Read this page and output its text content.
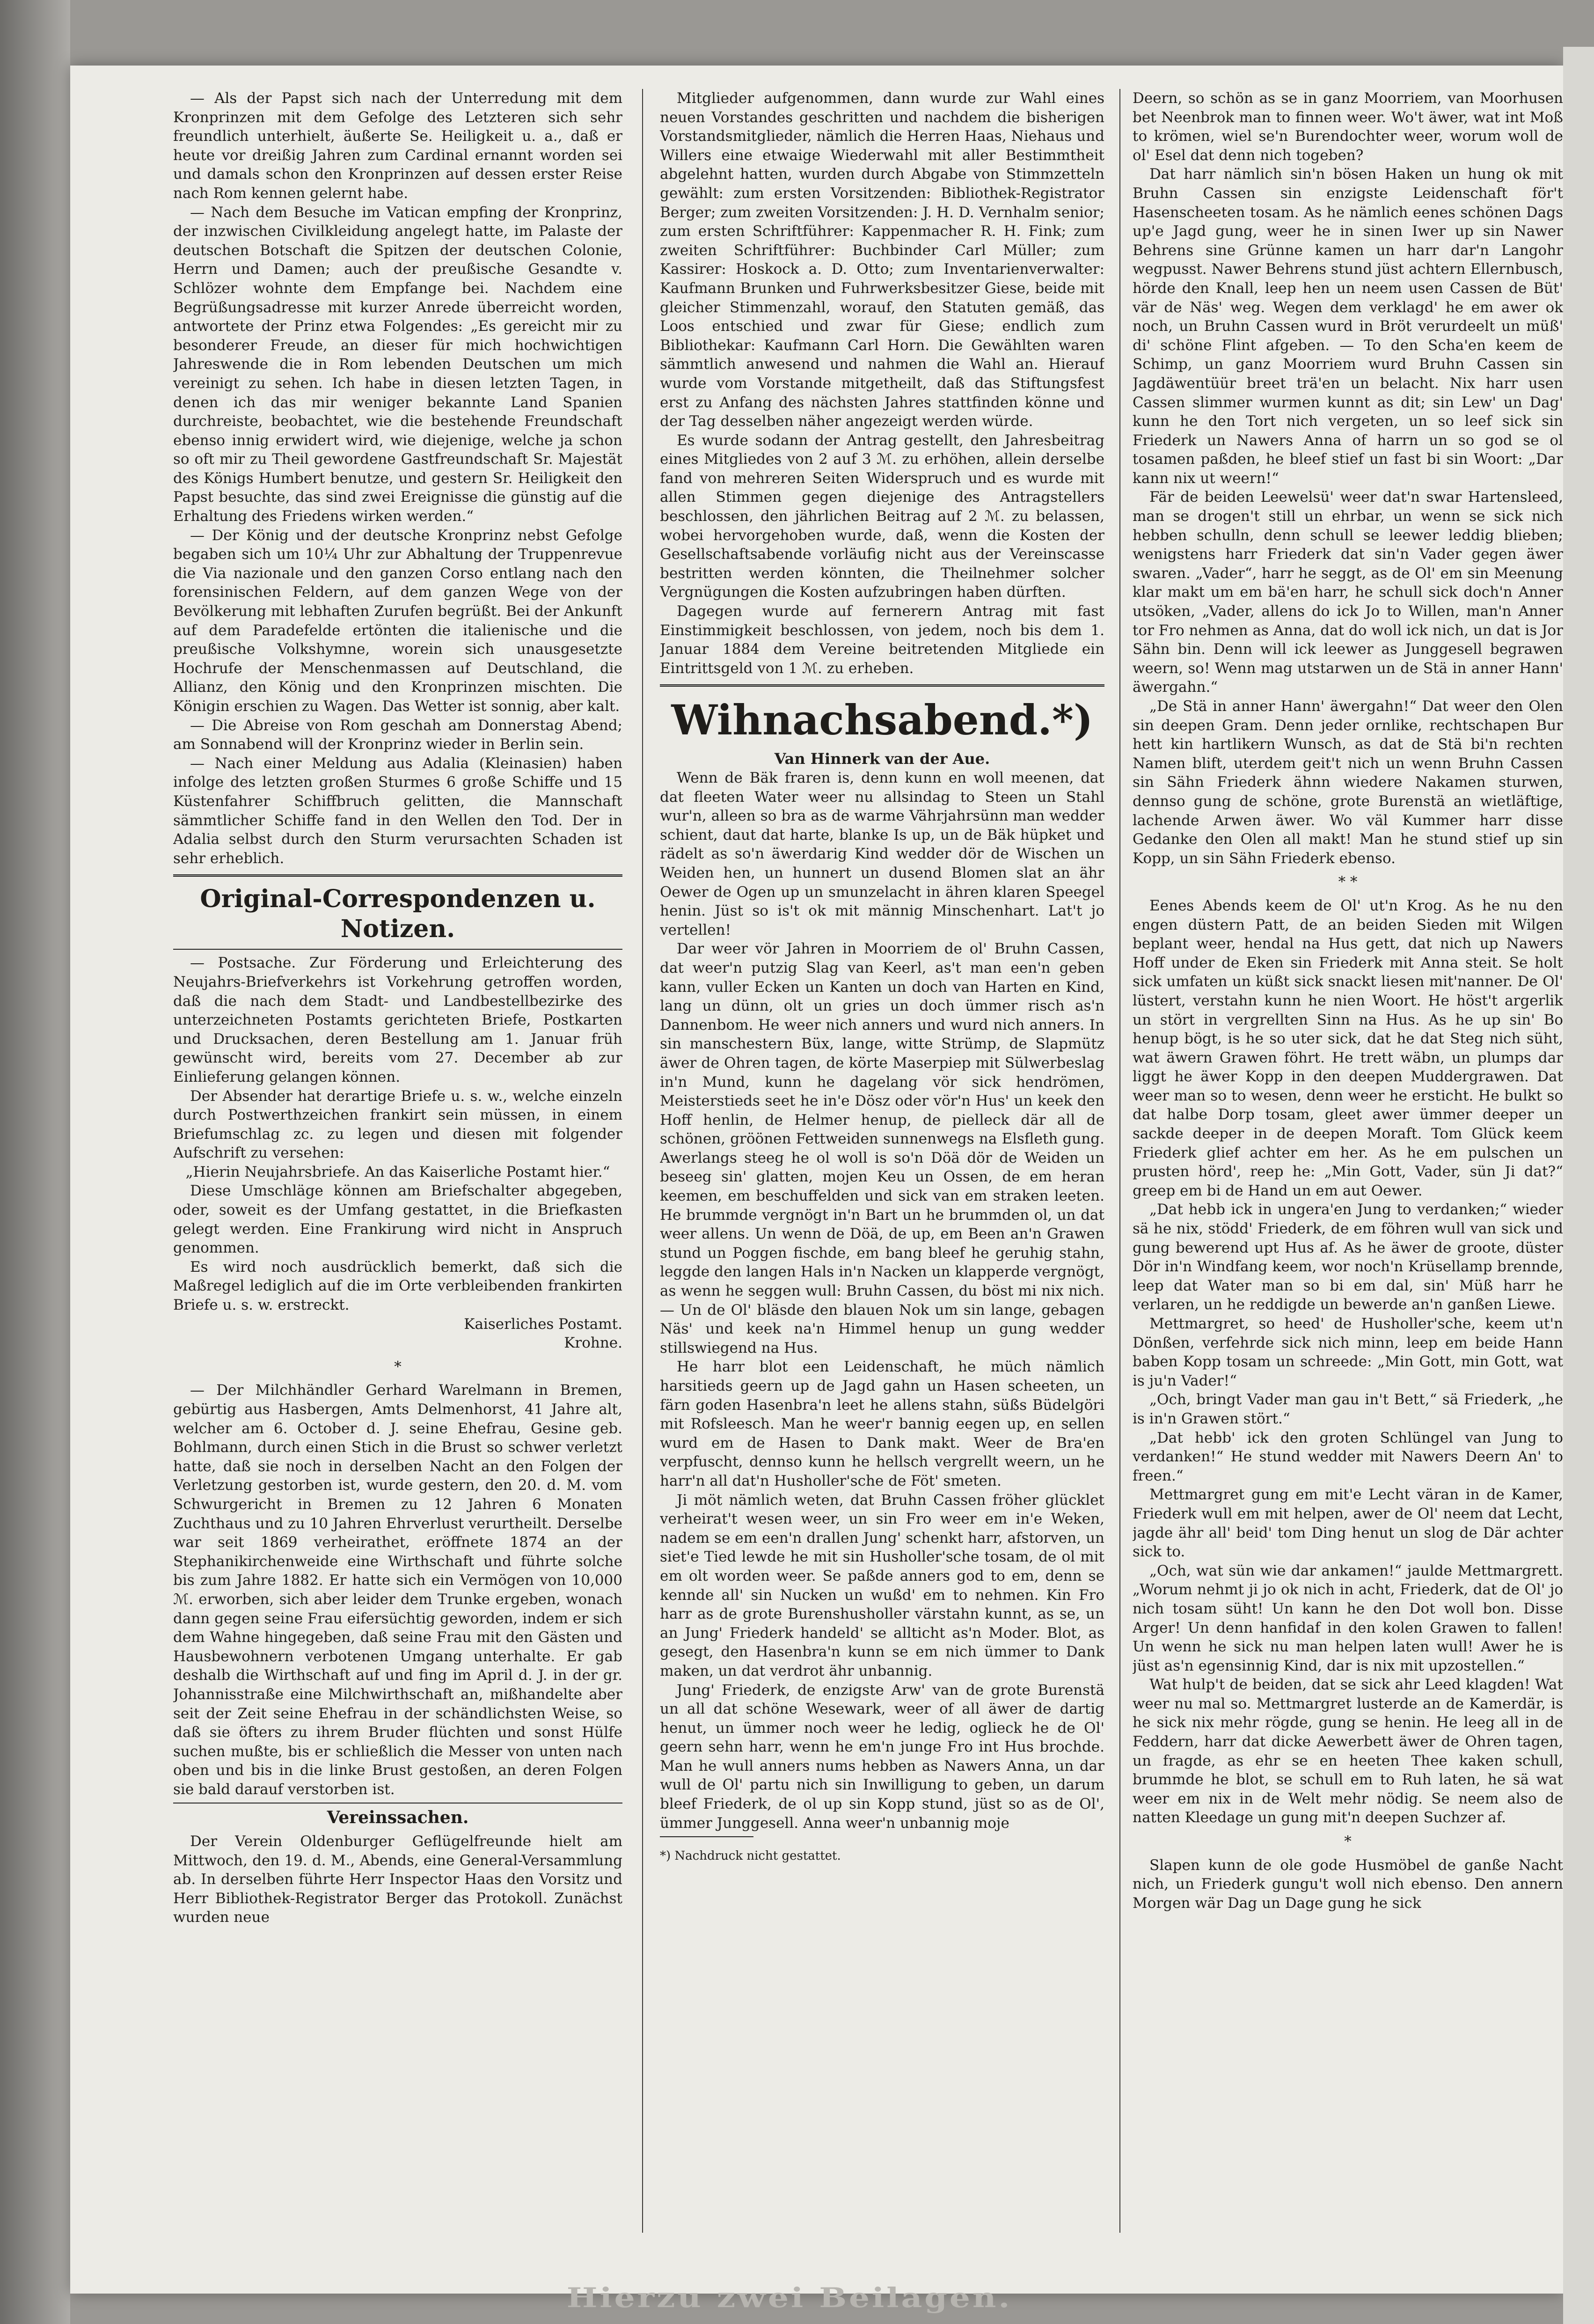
— Als der Papst sich nach der Unterredung mit dem Kronprinzen mit dem Gefolge des Letzteren sich sehr freundlich unterhielt, äußerte Se. Heiligkeit u. a., daß er heute vor dreißig Jahren zum Cardinal ernannt worden sei und damals schon den Kronprinzen auf dessen erster Reise nach Rom kennen gelernt habe.

— Nach dem Besuche im Vatican empfing der Kronprinz, der inzwischen Civilkleidung angelegt hatte, im Palaste der deutschen Botschaft die Spitzen der deutschen Colonie, Herrn und Damen; auch der preußische Gesandte v. Schlözer wohnte dem Empfange bei. Nachdem eine Begrüßungsadresse mit kurzer Anrede überreicht worden, antwortete der Prinz etwa Folgendes: „Es gereicht mir zu besonderer Freude, an dieser für mich hochwichtigen Jahreswende die in Rom lebenden Deutschen um mich vereinigt zu sehen. Ich habe in diesen letzten Tagen, in denen ich das mir weniger bekannte Land Spanien durchreiste, beobachtet, wie die bestehende Freundschaft ebenso innig erwidert wird, wie diejenige, welche ja schon so oft mir zu Theil gewordene Gastfreundschaft Sr. Majestät des Königs Humbert benutze, und gestern Sr. Heiligkeit den Papst besuchte, das sind zwei Ereignisse die günstig auf die Erhaltung des Friedens wirken werden.“

— Der König und der deutsche Kronprinz nebst Gefolge begaben sich um 10¼ Uhr zur Abhaltung der Truppenrevue die Via nazionale und den ganzen Corso entlang nach den forensinischen Feldern, auf dem ganzen Wege von der Bevölkerung mit lebhaften Zurufen begrüßt. Bei der Ankunft auf dem Paradefelde ertönten die italienische und die preußische Volkshymne, worein sich unausgesetzte Hochrufe der Menschenmassen auf Deutschland, die Allianz, den König und den Kronprinzen mischten. Die Königin erschien zu Wagen. Das Wetter ist sonnig, aber kalt.

— Die Abreise von Rom geschah am Donnerstag Abend; am Sonnabend will der Kronprinz wieder in Berlin sein.

— Nach einer Meldung aus Adalia (Kleinasien) haben infolge des letzten großen Sturmes 6 große Schiffe und 15 Küstenfahrer Schiffbruch gelitten, die Mannschaft sämmtlicher Schiffe fand in den Wellen den Tod. Der in Adalia selbst durch den Sturm verursachten Schaden ist sehr erheblich.

Original-Correspondenzen u. Notizen.

— Postsache. Zur Förderung und Erleichterung des Neujahrs-Briefverkehrs ist Vorkehrung getroffen worden, daß die nach dem Stadt- und Landbestellbezirke des unterzeichneten Postamts gerichteten Briefe, Postkarten und Drucksachen, deren Bestellung am 1. Januar früh gewünscht wird, bereits vom 27. December ab zur Einlieferung gelangen können.

Der Absender hat derartige Briefe u. s. w., welche einzeln durch Postwerthzeichen frankirt sein müssen, in einem Briefumschlag zc. zu legen und diesen mit folgender Aufschrift zu versehen:

„Hierin Neujahrsbriefe. An das Kaiserliche Postamt hier.“

Diese Umschläge können am Briefschalter abgegeben, oder, soweit es der Umfang gestattet, in die Briefkasten gelegt werden. Eine Frankirung wird nicht in Anspruch genommen.

Es wird noch ausdrücklich bemerkt, daß sich die Maßregel lediglich auf die im Orte verbleibenden frankirten Briefe u. s. w. erstreckt.

Kaiserliches Postamt.

Krohne.

*

— Der Milchhändler Gerhard Warelmann in Bremen, gebürtig aus Hasbergen, Amts Delmenhorst, 41 Jahre alt, welcher am 6. October d. J. seine Ehefrau, Gesine geb. Bohlmann, durch einen Stich in die Brust so schwer verletzt hatte, daß sie noch in derselben Nacht an den Folgen der Verletzung gestorben ist, wurde gestern, den 20. d. M. vom Schwurgericht in Bremen zu 12 Jahren 6 Monaten Zuchthaus und zu 10 Jahren Ehrverlust verurtheilt. Derselbe war seit 1869 verheirathet, eröffnete 1874 an der Stephanikirchenweide eine Wirthschaft und führte solche bis zum Jahre 1882. Er hatte sich ein Vermögen von 10,000 ℳ. erworben, sich aber leider dem Trunke ergeben, wonach dann gegen seine Frau eifersüchtig geworden, indem er sich dem Wahne hingegeben, daß seine Frau mit den Gästen und Hausbewohnern verbotenen Umgang unterhalte. Er gab deshalb die Wirthschaft auf und fing im April d. J. in der gr. Johannisstraße eine Milchwirthschaft an, mißhandelte aber seit der Zeit seine Ehefrau in der schändlichsten Weise, so daß sie öfters zu ihrem Bruder flüchten und sonst Hülfe suchen mußte, bis er schließlich die Messer von unten nach oben und bis in die linke Brust gestoßen, an deren Folgen sie bald darauf verstorben ist.

Vereinssachen.

Der Verein Oldenburger Geflügelfreunde hielt am Mittwoch, den 19. d. M., Abends, eine General-Versammlung ab. In derselben führte Herr Inspector Haas den Vorsitz und Herr Bibliothek-Registrator Berger das Protokoll. Zunächst wurden neue

Mitglieder aufgenommen, dann wurde zur Wahl eines neuen Vorstandes geschritten und nachdem die bisherigen Vorstandsmitglieder, nämlich die Herren Haas, Niehaus und Willers eine etwaige Wiederwahl mit aller Bestimmtheit abgelehnt hatten, wurden durch Abgabe von Stimmzetteln gewählt: zum ersten Vorsitzenden: Bibliothek-Registrator Berger; zum zweiten Vorsitzenden: J. H. D. Vernhalm senior; zum ersten Schriftführer: Kappenmacher R. H. Fink; zum zweiten Schriftführer: Buchbinder Carl Müller; zum Kassirer: Hoskock a. D. Otto; zum Inventarienverwalter: Kaufmann Brunken und Fuhrwerksbesitzer Giese, beide mit gleicher Stimmenzahl, worauf, den Statuten gemäß, das Loos entschied und zwar für Giese; endlich zum Bibliothekar: Kaufmann Carl Horn. Die Gewählten waren sämmtlich anwesend und nahmen die Wahl an. Hierauf wurde vom Vorstande mitgetheilt, daß das Stiftungsfest erst zu Anfang des nächsten Jahres stattfinden könne und der Tag desselben näher angezeigt werden würde.

Es wurde sodann der Antrag gestellt, den Jahresbeitrag eines Mitgliedes von 2 auf 3 ℳ. zu erhöhen, allein derselbe fand von mehreren Seiten Widerspruch und es wurde mit allen Stimmen gegen diejenige des Antragstellers beschlossen, den jährlichen Beitrag auf 2 ℳ. zu belassen, wobei hervorgehoben wurde, daß, wenn die Kosten der Gesellschaftsabende vorläufig nicht aus der Vereinscasse bestritten werden könnten, die Theilnehmer solcher Vergnügungen die Kosten aufzubringen haben dürften.

Dagegen wurde auf fernerern Antrag mit fast Einstimmigkeit beschlossen, von jedem, noch bis dem 1. Januar 1884 dem Vereine beitretenden Mitgliede ein Eintrittsgeld von 1 ℳ. zu erheben.

Wihnachsabend.*)

Van Hinnerk van der Aue.

Wenn de Bäk fraren is, denn kunn en woll meenen, dat dat fleeten Water weer nu allsindag to Steen un Stahl wur'n, alleen so bra as de warme Vährjahrsünn man wedder schient, daut dat harte, blanke Is up, un de Bäk hüpket und rädelt as so'n äwerdarig Kind wedder dör de Wischen un Weiden hen, un hunnert un dusend Blomen slat an ähr Oewer de Ogen up un smunzelacht in ähren klaren Speegel henin. Jüst so is't ok mit männig Minschenhart. Lat't jo vertellen!

Dar weer vör Jahren in Moorriem de ol' Bruhn Cassen, dat weer'n putzig Slag van Keerl, as't man een'n geben kann, vuller Ecken un Kanten un doch van Harten en Kind, lang un dünn, olt un gries un doch ümmer risch as'n Dannenbom. He weer nich anners und wurd nich anners. In sin manschestern Büx, lange, witte Strümp, de Slapmütz äwer de Ohren tagen, de körte Maserpiep mit Sülwerbeslag in'n Mund, kunn he dagelang vör sick hendrömen, Meisterstieds seet he in'e Dösz oder vör'n Hus' un keek den Hoff henlin, de Helmer henup, de pielleck där all de schönen, gröönen Fettweiden sunnenwegs na Elsfleth gung. Awerlangs steeg he ol woll is so'n Döä dör de Weiden un beseeg sin' glatten, mojen Keu un Ossen, de em heran keemen, em beschuffelden und sick van em straken leeten. He brummde vergnögt in'n Bart un he brummden ol, un dat weer allens. Un wenn de Döä, de up, em Been an'n Grawen stund un Poggen fischde, em bang bleef he geruhig stahn, leggde den langen Hals in'n Nacken un klapperde vergnögt, as wenn he seggen wull: Bruhn Cassen, du böst mi nix nich. — Un de Ol' bläsde den blauen Nok um sin lange, gebagen Näs' und keek na'n Himmel henup un gung wedder stillswiegend na Hus.

He harr blot een Leidenschaft, he müch nämlich harsitieds geern up de Jagd gahn un Hasen scheeten, un färn goden Hasenbra'n leet he allens stahn, süßs Büdelgöri mit Rofsleesch. Man he weer'r bannig eegen up, en sellen wurd em de Hasen to Dank makt. Weer de Bra'en verpfuscht, dennso kunn he hellsch vergrellt weern, un he harr'n all dat'n Husholler'sche de Föt' smeten.

Ji möt nämlich weten, dat Bruhn Cassen fröher glücklet verheirat't wesen weer, un sin Fro weer em in'e Weken, nadem se em een'n drallen Jung' schenkt harr, afstorven, un siet'e Tied lewde he mit sin Husholler'sche tosam, de ol mit em olt worden weer. Se paßde anners god to em, denn se kennde all' sin Nucken un wußd' em to nehmen. Kin Fro harr as de grote Burenshusholler värstahn kunnt, as se, un an Jung' Friederk handeld' se allticht as'n Moder. Blot, as gesegt, den Hasenbra'n kunn se em nich ümmer to Dank maken, un dat verdrot ähr unbannig.

Jung' Friederk, de enzigste Arw' van de grote Burenstä un all dat schöne Wesewark, weer of all äwer de dartig henut, un ümmer noch weer he ledig, oglieck he de Ol' geern sehn harr, wenn he em'n junge Fro int Hus brochde. Man he wull anners nums hebben as Nawers Anna, un dar wull de Ol' partu nich sin Inwilligung to geben, un darum bleef Friederk, de ol up sin Kopp stund, jüst so as de Ol', ümmer Junggesell. Anna weer'n unbannig moje

*) Nachdruck nicht gestattet.

Deern, so schön as se in ganz Moorriem, van Moorhusen bet Neenbrok man to finnen weer. Wo't äwer, wat int Moß to krömen, wiel se'n Burendochter weer, worum woll de ol' Esel dat denn nich togeben?

Dat harr nämlich sin'n bösen Haken un hung ok mit Bruhn Cassen sin enzigste Leidenschaft för't Hasenscheeten tosam. As he nämlich eenes schönen Dags up'e Jagd gung, weer he in sinen Iwer up sin Nawer Behrens sine Grünne kamen un harr dar'n Langohr wegpusst. Nawer Behrens stund jüst achtern Ellernbusch, hörde den Knall, leep hen un neem usen Cassen de Büt' vär de Näs' weg. Wegen dem verklagd' he em awer ok noch, un Bruhn Cassen wurd in Bröt verurdeelt un müß' di' schöne Flint afgeben. — To den Scha'en keem de Schimp, un ganz Moorriem wurd Bruhn Cassen sin Jagdäwentüür breet trä'en un belacht. Nix harr usen Cassen slimmer wurmen kunnt as dit; sin Lew' un Dag' kunn he den Tort nich vergeten, un so leef sick sin Friederk un Nawers Anna of harrn un so god se ol tosamen paßden, he bleef stief un fast bi sin Woort: „Dar kann nix ut weern!“

Fär de beiden Leewelsü' weer dat'n swar Hartensleed, man se drogen't still un ehrbar, un wenn se sick nich hebben schulln, denn schull se leewer leddig blieben; wenigstens harr Friederk dat sin'n Vader gegen äwer swaren. „Vader“, harr he seggt, as de Ol' em sin Meenung klar makt um em bä'en harr, he schull sick doch'n Anner utsöken, „Vader, allens do ick Jo to Willen, man'n Anner tor Fro nehmen as Anna, dat do woll ick nich, un dat is Jor Sähn bin. Denn will ick leewer as Junggesell begrawen weern, so! Wenn mag utstarwen un de Stä in anner Hann' äwergahn.“

„De Stä in anner Hann' äwergahn!“ Dat weer den Olen sin deepen Gram. Denn jeder ornlike, rechtschapen Bur hett kin hartlikern Wunsch, as dat de Stä bi'n rechten Namen blift, uterdem geit't nich un wenn Bruhn Cassen sin Sähn Friederk ähnn wiedere Nakamen sturwen, dennso gung de schöne, grote Burenstä an wietläftige, lachende Arwen äwer. Wo väl Kummer harr disse Gedanke den Olen all makt! Man he stund stief up sin Kopp, un sin Sähn Friederk ebenso.

* *

Eenes Abends keem de Ol' ut'n Krog. As he nu den engen düstern Patt, de an beiden Sieden mit Wilgen beplant weer, hendal na Hus gett, dat nich up Nawers Hoff under de Eken sin Friederk mit Anna steit. Se holt sick umfaten un küßt sick snackt liesen mit'nanner. De Ol' lüstert, verstahn kunn he nien Woort. He höst't argerlik un stört in vergrellten Sinn na Hus. As he up sin' Bo henup bögt, is he so uter sick, dat he dat Steg nich süht, wat äwern Grawen föhrt. He trett wäbn, un plumps dar liggt he äwer Kopp in den deepen Muddergrawen. Dat weer man so to wesen, denn weer he ersticht. He bulkt so dat halbe Dorp tosam, gleet awer ümmer deeper un sackde deeper in de deepen Moraft. Tom Glück keem Friederk glief achter em her. As he em pulschen un prusten hörd', reep he: „Min Gott, Vader, sün Ji dat?“ greep em bi de Hand un em aut Oewer.

„Dat hebb ick in ungera'en Jung to verdanken;“ wieder sä he nix, stödd' Friederk, de em föhren wull van sick und gung bewerend upt Hus af. As he äwer de groote, düster Dör in'n Windfang keem, wor noch'n Krüsellamp brennde, leep dat Water man so bi em dal, sin' Müß harr he verlaren, un he reddigde un bewerde an'n ganßen Liewe.

Mettmargret, so heed' de Husholler'sche, keem ut'n Dönßen, verfehrde sick nich minn, leep em beide Hann baben Kopp tosam un schreede: „Min Gott, min Gott, wat is ju'n Vader!“

„Och, bringt Vader man gau in't Bett,“ sä Friederk, „he is in'n Grawen stört.“

„Dat hebb' ick den groten Schlüngel van Jung to verdanken!“ He stund wedder mit Nawers Deern An' to freen.“

Mettmargret gung em mit'e Lecht väran in de Kamer, Friederk wull em mit helpen, awer de Ol' neem dat Lecht, jagde ähr all' beid' tom Ding henut un slog de Där achter sick to.

„Och, wat sün wie dar ankamen!“ jaulde Mettmargrett. „Worum nehmt ji jo ok nich in acht, Friederk, dat de Ol' jo nich tosam süht! Un kann he den Dot woll bon. Disse Arger! Un denn hanfidaf in den kolen Grawen to fallen! Un wenn he sick nu man helpen laten wull! Awer he is jüst as'n egensinnig Kind, dar is nix mit upzostellen.“

Wat hulp't de beiden, dat se sick ahr Leed klagden! Wat weer nu mal so. Mettmargret lusterde an de Kamerdär, is he sick nix mehr rögde, gung se henin. He leeg all in de Feddern, harr dat dicke Aewerbett äwer de Ohren tagen, un fragde, as ehr se en heeten Thee kaken schull, brummde he blot, se schull em to Ruh laten, he sä wat weer em nix in de Welt mehr nödig. Se neem also de natten Kleedage un gung mit'n deepen Suchzer af.

*

Slapen kunn de ole gode Husmöbel de ganße Nacht nich, un Friederk gungu't woll nich ebenso. Den annern Morgen wär Dag un Dage gung he sick

Hierzu zwei Beilagen.
